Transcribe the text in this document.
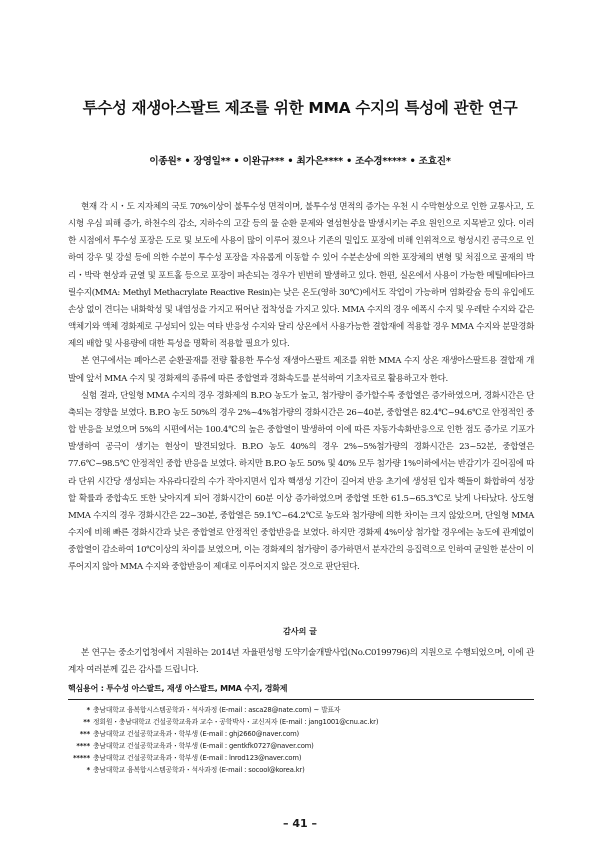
투수성 재생아스팔트 제조를 위한 MMA 수지의 특성에 관한 연구
이종원* • 장영일** • 이완규*** • 최가은**** • 조수경***** • 조효진*

현재 각 시・도 지자체의 국토 70%이상이 불투수성 면적이며, 불투수성 면적의 증가는 우천 시 수막현상으로 인한 교통사고, 도시형 우심 피해 증가, 하천수의 감소, 지하수의 고갈 등의 물 순환 문제와 열섬현상을 발생시키는 주요 원인으로 지목받고 있다. 이러한 시점에서 투수성 포장은 도로 및 보도에 사용이 많이 이루어 졌으나 기존의 밀입도 포장에 비해 인위적으로 형성시킨 공극으로 인하여 강우 및 강설 등에 의한 수분이 투수성 포장을 자유롭게 이동할 수 있어 수분손상에 의한 포장체의 변형 및 처짐으로 골재의 박리・박락 현상과 균열 및 포트홀 등으로 포장이 파손되는 경우가 빈번히 발생하고 있다. 한편, 실온에서 사용이 가능한 메틸메타아크릴수지(MMA: Methyl Methacrylate Reactive Resin)는 낮은 온도(영하 30℃)에서도 작업이 가능하며 염화칼슘 등의 유입에도 손상 없이 견디는 내화학성 및 내염성을 가지고 뛰어난 접착성을 가지고 있다. MMA 수지의 경우 에폭시 수지 및 우레탄 수지와 같은 액체기와 액체 경화제로 구성되어 있는 여타 반응성 수지와 달리 상온에서 사용가능한 결합재에 적용할 경우 MMA 수지와 분말경화제의 배합 및 사용량에 대한 특성을 명확히 적용할 필요가 있다.

본 연구에서는 폐아스콘 순환골재를 전량 활용한 투수성 재생아스팔트 제조를 위한 MMA 수지 상온 재생아스팔트용 결합재 개발에 앞서 MMA 수지 및 경화제의 종류에 따른 중합열과 경화속도를 분석하여 기초자료로 활용하고자 한다.

실험 결과, 단일형 MMA 수지의 경우 경화제의 B.P.O 농도가 높고, 첨가량이 증가할수록 중합열은 증가하였으며, 경화시간은 단축되는 경향을 보였다. B.P.O 농도 50%의 경우 2%~4%첨가량의 경화시간은 26~40분, 중합열은 82.4℃~94.6℃로 안정적인 중합 반응을 보였으며 5%의 시편에서는 100.4℃의 높은 중합열이 발생하여 이에 따른 자동가속화반응으로 인한 점도 증가로 기포가 발생하여 공극이 생기는 현상이 발견되었다. B.P.O 농도 40%의 경우 2%~5%첨가량의 경화시간은 23~52분, 중합열은 77.6℃~98.5℃ 안정적인 중합 반응을 보였다. 하지만 B.P.O 농도 50% 및 40% 모두 첨가량 1%이하에서는 반감기가 길어짐에 따라 단위 시간당 생성되는 자유라디칼의 수가 작아지면서 입자 핵생성 기간이 길어져 반응 초기에 생성된 입자 핵들이 화합하여 성장할 확률과 중합속도 또한 낮아지게 되어 경화시간이 60분 이상 증가하였으며 중합열 또한 61.5~65.3℃로 낮게 나타났다. 상도형 MMA 수지의 경우 경화시간은 22~30분, 중합열은 59.1℃~64.2℃로 농도와 첨가량에 의한 차이는 크지 않았으며, 단일형 MMA 수지에 비해 빠른 경화시간과 낮은 중합열로 안정적인 중합반응을 보였다. 하지만 경화제 4%이상 첨가할 경우에는 농도에 관계없이 중합열이 감소하여 10℃이상의 차이를 보였으며, 이는 경화제의 첨가량이 증가하면서 분자간의 응집력으로 인하여 균일한 분산이 이루어지지 않아 MMA 수지와 중합반응이 제대로 이루어지지 않은 것으로 판단된다.

감사의 글

본 연구는 중소기업청에서 지원하는 2014년 자율편성형 도약기술개발사업(No.C0199796)의 지원으로 수행되었으며, 이에 관계자 여러분께 깊은 감사를 드립니다.

핵심용어 : 투수성 아스팔트, 재생 아스팔트, MMA 수지, 경화제
* 충남대학교 융복합시스템공학과・석사과정 (E-mail : asca28@nate.com) ~ 발표자
** 정회원・충남대학교 건설공학교육과 교수・공학박사・교신저자 (E-mail : jang1001@cnu.ac.kr)
*** 충남대학교 건설공학교육과・학부생 (E-mail : ghj2660@naver.com)
**** 충남대학교 건설공학교육과・학부생 (E-mail : gentkfk0727@naver.com)
***** 충남대학교 건설공학교육과・학부생 (E-mail : lnrod123@naver.com)
* 충남대학교 융복합시스템공학과・석사과정 (E-mail : socool@korea.kr)
– 41 –
